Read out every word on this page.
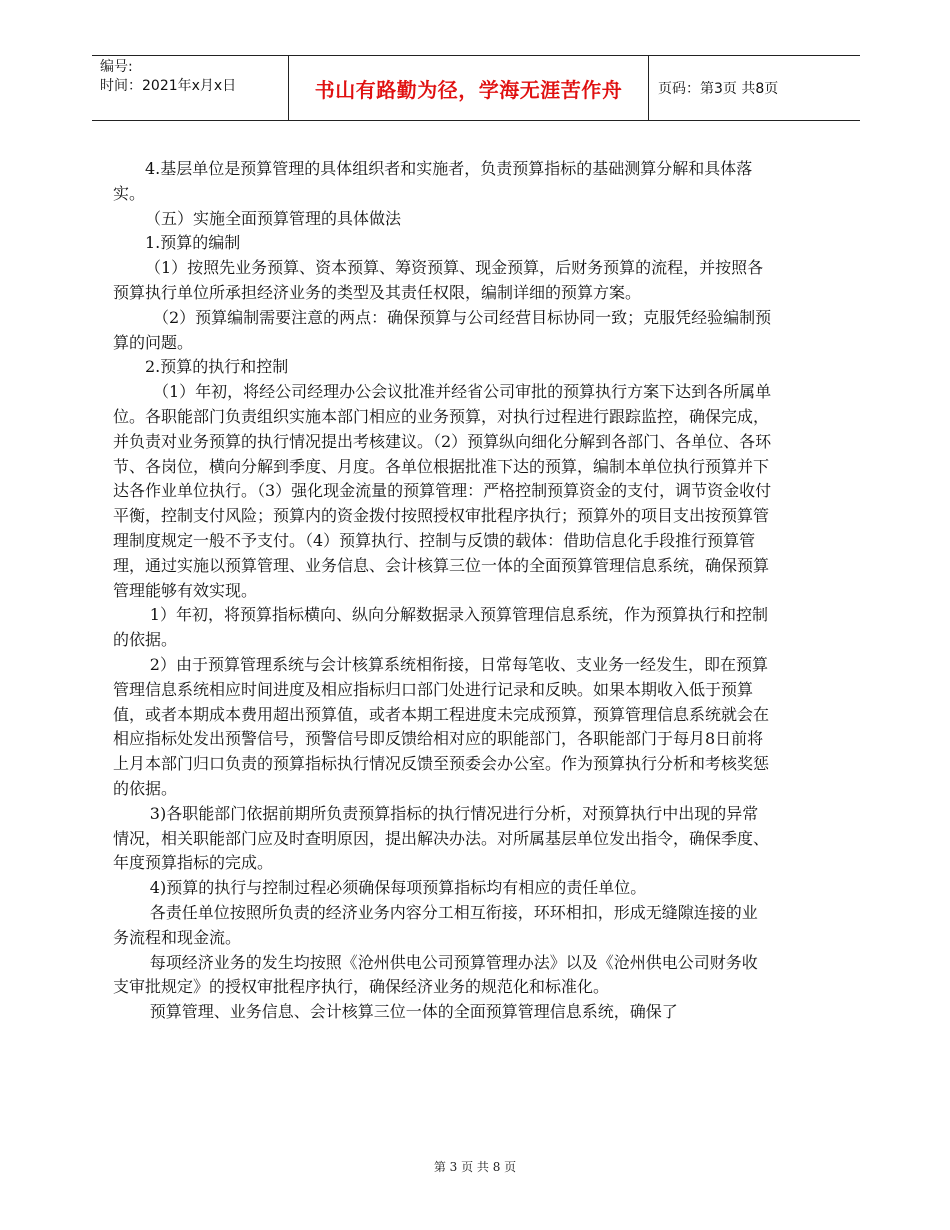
编号:
时间：2021年x月x日	书山有路勤为径，学海无涯苦作舟	页码：第3页 共8页

4.基层单位是预算管理的具体组织者和实施者，负责预算指标的基础测算分解和具体落实。

（五）实施全面预算管理的具体做法

1.预算的编制

（1）按照先业务预算、资本预算、筹资预算、现金预算，后财务预算的流程，并按照各预算执行单位所承担经济业务的类型及其责任权限，编制详细的预算方案。

（2）预算编制需要注意的两点：确保预算与公司经营目标协同一致；克服凭经验编制预算的问题。

2.预算的执行和控制

（1）年初，将经公司经理办公会议批准并经省公司审批的预算执行方案下达到各所属单位。各职能部门负责组织实施本部门相应的业务预算，对执行过程进行跟踪监控，确保完成，并负责对业务预算的执行情况提出考核建议。（2）预算纵向细化分解到各部门、各单位、各环节、各岗位，横向分解到季度、月度。各单位根据批准下达的预算，编制本单位执行预算并下达各作业单位执行。（3）强化现金流量的预算管理：严格控制预算资金的支付，调节资金收付平衡，控制支付风险；预算内的资金拨付按照授权审批程序执行；预算外的项目支出按预算管理制度规定一般不予支付。（4）预算执行、控制与反馈的载体：借助信息化手段推行预算管理，通过实施以预算管理、业务信息、会计核算三位一体的全面预算管理信息系统，确保预算管理能够有效实现。

1）年初，将预算指标横向、纵向分解数据录入预算管理信息系统，作为预算执行和控制的依据。

2）由于预算管理系统与会计核算系统相衔接，日常每笔收、支业务一经发生，即在预算管理信息系统相应时间进度及相应指标归口部门处进行记录和反映。如果本期收入低于预算值，或者本期成本费用超出预算值，或者本期工程进度未完成预算，预算管理信息系统就会在相应指标处发出预警信号，预警信号即反馈给相对应的职能部门，各职能部门于每月8日前将上月本部门归口负责的预算指标执行情况反馈至预委会办公室。作为预算执行分析和考核奖惩的依据。

3)各职能部门依据前期所负责预算指标的执行情况进行分析，对预算执行中出现的异常情况，相关职能部门应及时查明原因，提出解决办法。对所属基层单位发出指令，确保季度、年度预算指标的完成。

4)预算的执行与控制过程必须确保每项预算指标均有相应的责任单位。

各责任单位按照所负责的经济业务内容分工相互衔接，环环相扣，形成无缝隙连接的业务流程和现金流。

每项经济业务的发生均按照《沧州供电公司预算管理办法》以及《沧州供电公司财务收支审批规定》的授权审批程序执行，确保经济业务的规范化和标准化。

预算管理、业务信息、会计核算三位一体的全面预算管理信息系统，确保了

第 3 页 共 8 页
